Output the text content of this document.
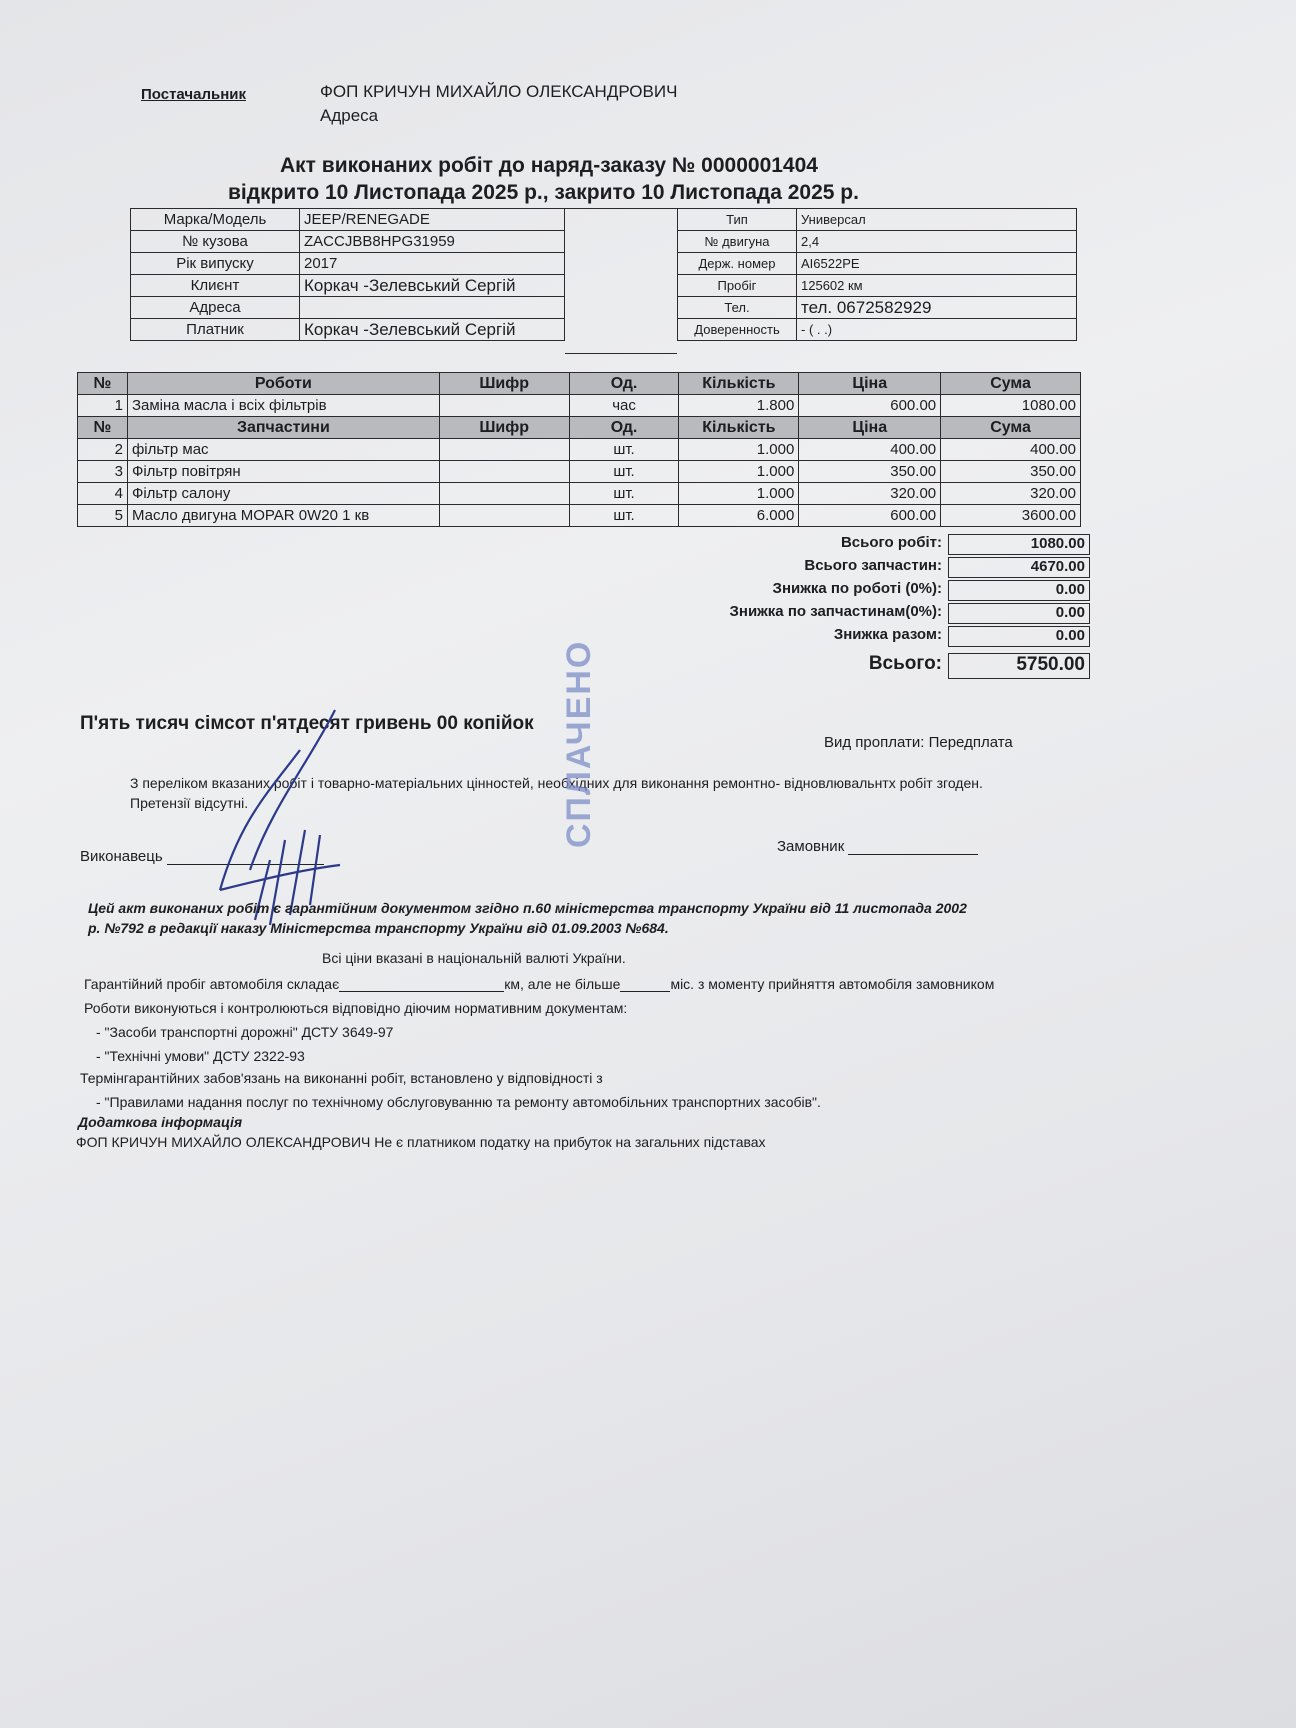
Постачальник	ФОП КРИЧУН МИХАЙЛО ОЛЕКСАНДРОВИЧ
Адреса
Акт виконаних робіт до наряд-заказу № 0000001404
відкрито 10 Листопада 2025 р., закрито 10 Листопада 2025 р.
Марка/Модель	JEEP/RENEGADE
№ кузова	ZACCJBB8HPG31959
Рік випуску	2017
Клиєнт	Коркач -Зелевський Сергій
Адреса	
Платник	Коркач -Зелевський Сергій
Тип	Универсал
№ двигуна	2,4
Держ. номер	AI6522PE
Пробіг	125602 км
Тел.	тел. 0672582929
Доверенность	- ( . .)
№	Роботи	Шифр	Од.	Кількість	Ціна	Сума
1	Заміна масла і всіх фільтрів		час	1.800	600.00	1080.00
№	Запчастини	Шифр	Од.	Кількість	Ціна	Сума
2	фільтр мас		шт.	1.000	400.00	400.00
3	Фільтр повітрян		шт.	1.000	350.00	350.00
4	Фільтр салону		шт.	1.000	320.00	320.00
5	Масло двигуна MOPAR 0W20 1 кв		шт.	6.000	600.00	3600.00
Всього робіт:	1080.00
Всього запчастин:	4670.00
Знижка по роботі (0%):	0.00
Знижка по запчастинам(0%):	0.00
Знижка разом:	0.00
Всього:	5750.00
П'ять тисяч сімсот п'ятдесят гривень 00 копійок
Вид проплати: Передплата
З переліком вказаних робіт і товарно-матеріальних цінностей, необхідних для виконання ремонтно- відновлювальнтх робіт згоден.
Претензії відсутні.
Виконавець
Замовник
СПЛАЧЕНО
Цей акт виконаних робіт є гарантійним документом згідно п.60 міністерства транспорту України від 11 листопада 2002
р. №792 в редакції наказу Міністерства транспорту України від 01.09.2003 №684.
Всі ціни вказані в національній валюті України.
Гарантійний пробіг автомобіля складає	км, але не більше	міс. з моменту прийняття автомобіля замовником
Роботи виконуються і контролюються відповідно діючим нормативним документам:
- "Засоби транспортні дорожні" ДСТУ 3649-97
- "Технічні умови" ДСТУ 2322-93
Термінгарантійних забов'язань на виконанні робіт, встановлено у відповідності з
- "Правилами надання послуг по технічному обслуговуванню та ремонту автомобільних транспортних засобів".
Додаткова інформація
ФОП КРИЧУН МИХАЙЛО ОЛЕКСАНДРОВИЧ Не є платником податку на прибуток на загальних підставах
